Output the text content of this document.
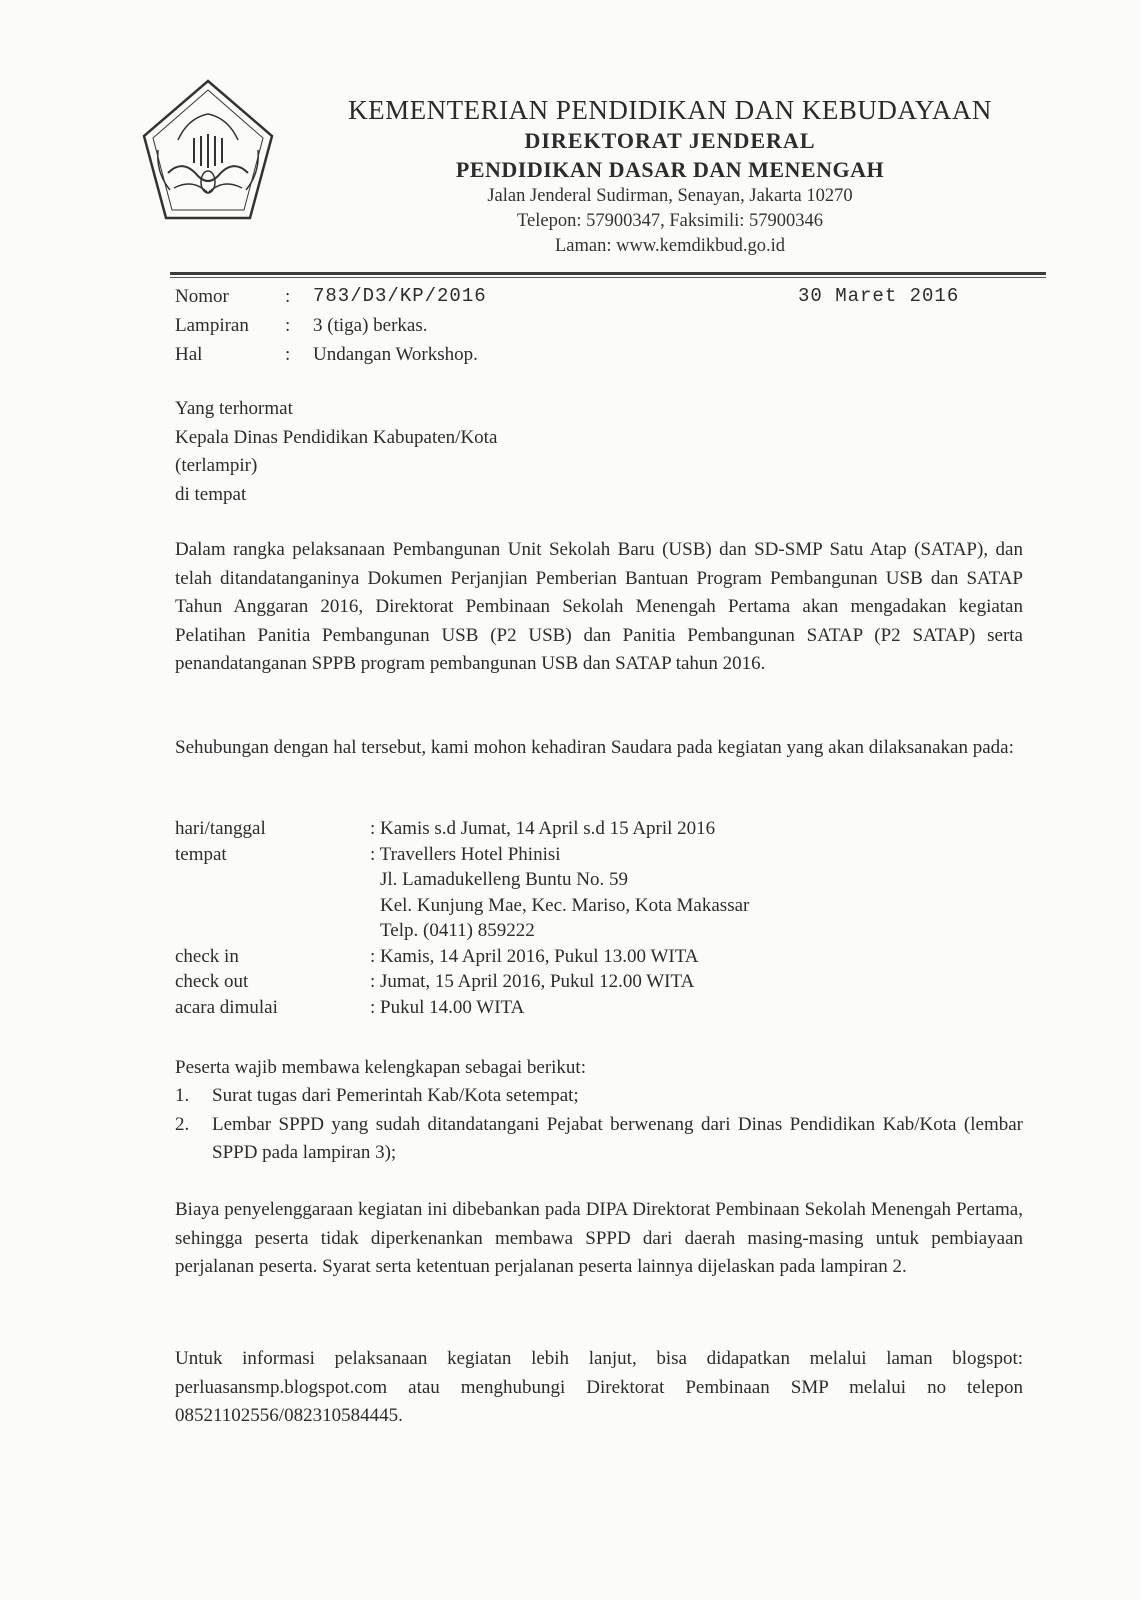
KEMENTERIAN PENDIDIKAN DAN KEBUDAYAAN
DIREKTORAT JENDERAL
PENDIDIKAN DASAR DAN MENENGAH
Jalan Jenderal Sudirman, Senayan, Jakarta 10270
Telepon: 57900347, Faksimili: 57900346
Laman: www.kemdikbud.go.id
Nomor	:	783/D3/KP/2016
Lampiran	:	3 (tiga) berkas.
Hal	:	Undangan Workshop.
30 Maret 2016
Yang terhormat
Kepala Dinas Pendidikan Kabupaten/Kota
(terlampir)
di tempat
Dalam rangka pelaksanaan Pembangunan Unit Sekolah Baru (USB) dan SD-SMP Satu Atap (SATAP), dan telah ditandatanganinya Dokumen Perjanjian Pemberian Bantuan Program Pembangunan USB dan SATAP Tahun Anggaran 2016, Direktorat Pembinaan Sekolah Menengah Pertama akan mengadakan kegiatan Pelatihan Panitia Pembangunan USB (P2 USB) dan Panitia Pembangunan SATAP (P2 SATAP) serta penandatanganan SPPB program pembangunan USB dan SATAP tahun 2016.
Sehubungan dengan hal tersebut, kami mohon kehadiran Saudara pada kegiatan yang akan dilaksanakan pada:
hari/tanggal	: Kamis s.d Jumat, 14 April s.d 15 April 2016
tempat	: Travellers Hotel Phinisi
Jl. Lamadukelleng Buntu No. 59
Kel. Kunjung Mae, Kec. Mariso, Kota Makassar
Telp. (0411) 859222
check in	: Kamis, 14 April 2016, Pukul 13.00 WITA
check out	: Jumat, 15 April 2016, Pukul 12.00 WITA
acara dimulai	: Pukul 14.00 WITA
Peserta wajib membawa kelengkapan sebagai berikut:
1.	Surat tugas dari Pemerintah Kab/Kota setempat;
2.	Lembar SPPD yang sudah ditandatangani Pejabat berwenang dari Dinas Pendidikan Kab/Kota (lembar SPPD pada lampiran 3);
Biaya penyelenggaraan kegiatan ini dibebankan pada DIPA Direktorat Pembinaan Sekolah Menengah Pertama, sehingga peserta tidak diperkenankan membawa SPPD dari daerah masing-masing untuk pembiayaan perjalanan peserta. Syarat serta ketentuan perjalanan peserta lainnya dijelaskan pada lampiran 2.
Untuk informasi pelaksanaan kegiatan lebih lanjut, bisa didapatkan melalui laman blogspot: perluasansmp.blogspot.com atau menghubungi Direktorat Pembinaan SMP melalui no telepon 08521102556/082310584445.
